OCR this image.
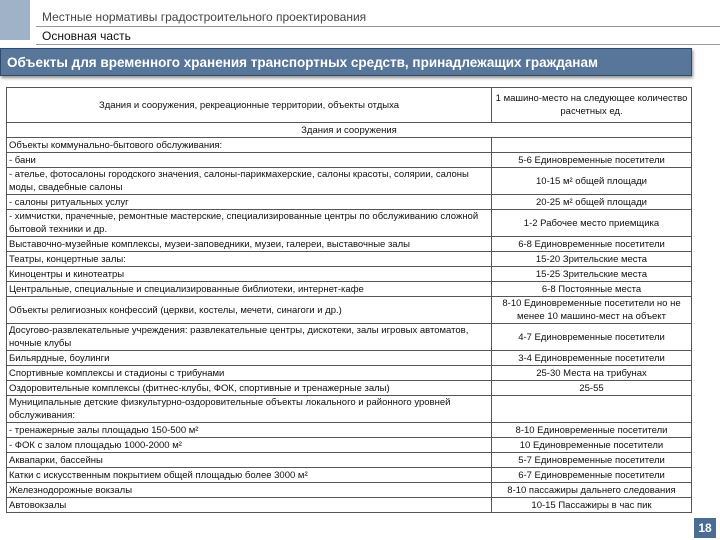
Местные нормативы градостроительного проектирования
Основная часть
Объекты для временного хранения транспортных средств, принадлежащих гражданам
Здания и сооружения, рекреационные территории, объекты отдыха	1 машино-место на следующее количество расчетных ед.
Здания и сооружения	
Объекты коммунально-бытового обслуживания:	
- бани	5-6 Единовременные посетители
- ателье, фотосалоны городского значения, салоны-парикмахерские, салоны красоты, солярии, салоны моды, свадебные салоны	10-15 м² общей площади
- салоны ритуальных услуг	20-25 м² общей площади
- химчистки, прачечные, ремонтные мастерские, специализированные центры по обслуживанию сложной бытовой техники и др.	1-2 Рабочее место приемщика
Выставочно-музейные комплексы, музеи-заповедники, музеи, галереи, выставочные залы	6-8 Единовременные посетители
Театры, концертные залы:	15-20 Зрительские места
Киноцентры и кинотеатры	15-25 Зрительские места
Центральные, специальные и специализированные библиотеки, интернет-кафе	6-8 Постоянные места
Объекты религиозных конфессий (церкви, костелы, мечети, синагоги и др.)	8-10 Единовременные посетители но не менее 10 машино-мест на объект
Досугово-развлекательные учреждения: развлекательные центры, дискотеки, залы игровых автоматов, ночные клубы	4-7 Единовременные посетители
Бильярдные, боулинги	3-4 Единовременные посетители
Спортивные комплексы и стадионы с трибунами	25-30 Места на трибунах
Оздоровительные комплексы (фитнес-клубы, ФОК, спортивные и тренажерные залы)	25-55
Муниципальные детские физкультурно-оздоровительные объекты локального и районного уровней обслуживания:	
- тренажерные залы площадью 150-500 м²	8-10 Единовременные посетители
- ФОК с залом площадью 1000-2000 м²	10 Единовременные посетители
Аквапарки, бассейны	5-7 Единовременные посетители
Катки с искусственным покрытием общей площадью более 3000 м²	6-7 Единовременные посетители
Железнодорожные вокзалы	8-10 пассажиры дальнего следования
Автовокзалы	10-15 Пассажиры в час пик
18
